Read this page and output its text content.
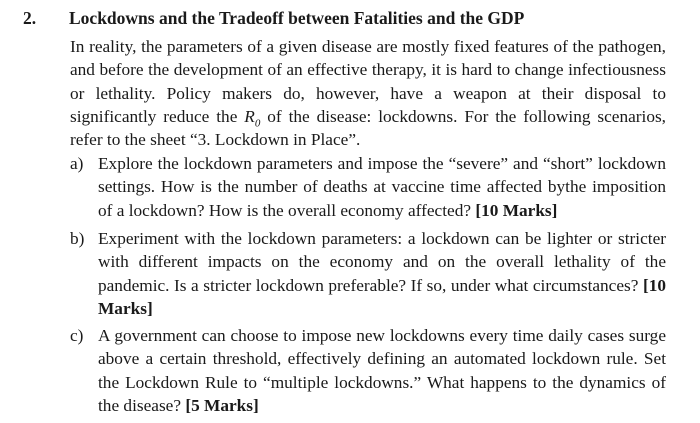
2. Lockdowns and the Tradeoff between Fatalities and the GDP
In reality, the parameters of a given disease are mostly fixed features of the pathogen, and before the development of an effective therapy, it is hard to change infectiousness or lethality. Policy makers do, however, have a weapon at their disposal to significantly reduce the $R_0$ of the disease: lockdowns. For the following scenarios, refer to the sheet “3. Lockdown in Place”.
a) Explore the lockdown parameters and impose the “severe” and “short” lockdown settings. How is the number of deaths at vaccine time affected bythe imposition of a lockdown? How is the overall economy affected? [10 Marks]
b) Experiment with the lockdown parameters: a lockdown can be lighter or stricter with different impacts on the economy and on the overall lethality of the pandemic. Is a stricter lockdown preferable? If so, under what circumstances? [10 Marks]
c) A government can choose to impose new lockdowns every time daily cases surge above a certain threshold, effectively defining an automated lockdown rule. Set the Lockdown Rule to “multiple lockdowns.” What happens to the dynamics of the disease? [5 Marks]
